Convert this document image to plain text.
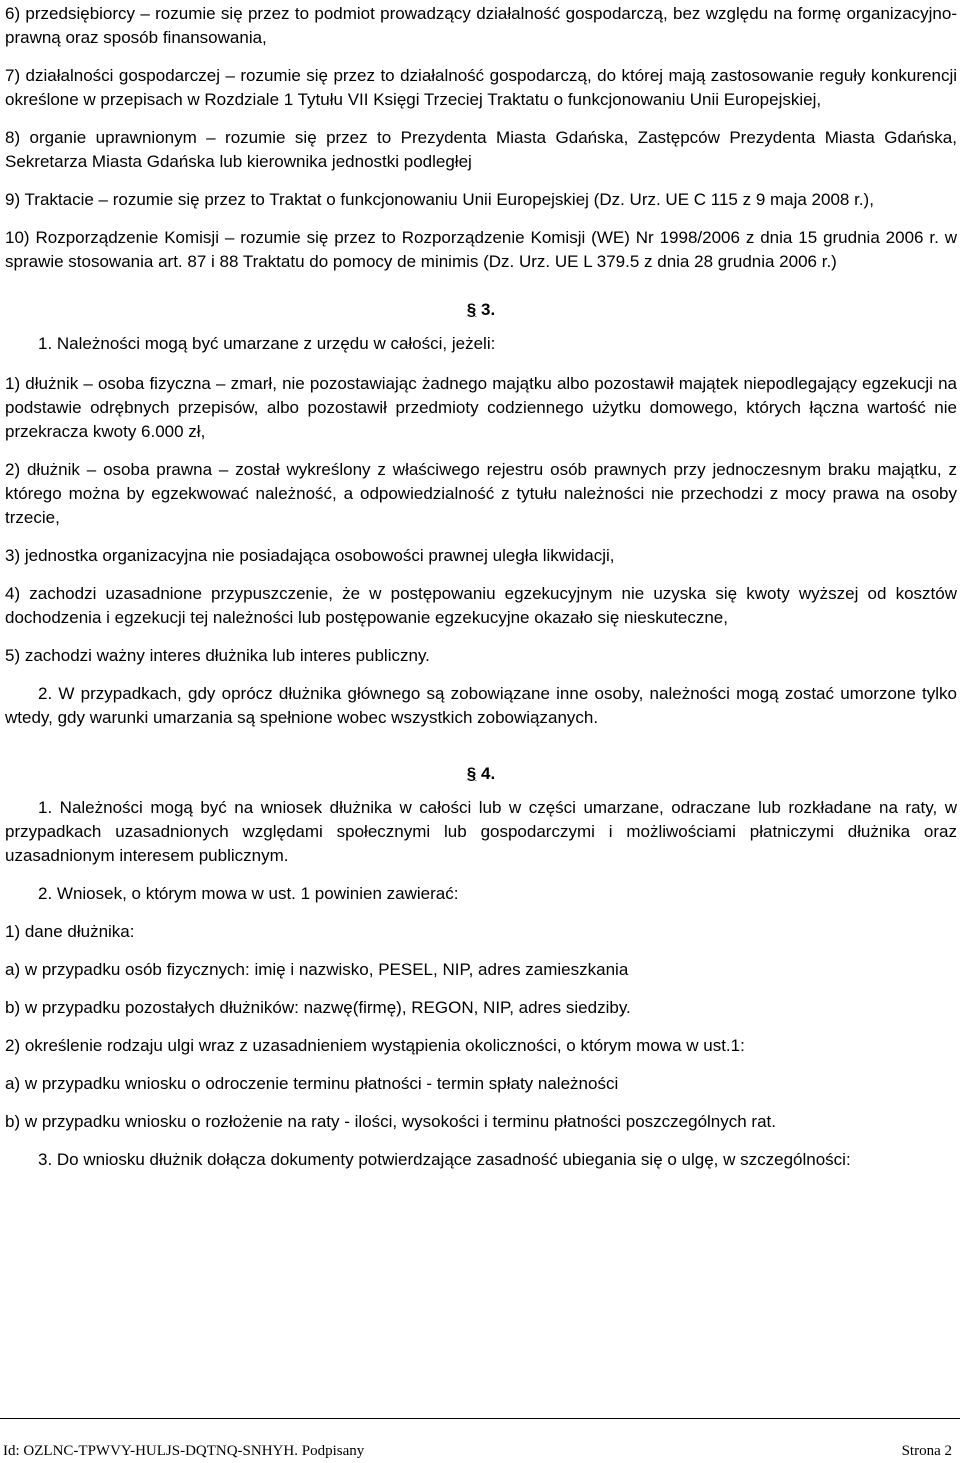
6) przedsiębiorcy – rozumie się przez to podmiot prowadzący działalność gospodarczą, bez względu na formę organizacyjno-prawną oraz sposób finansowania,

7) działalności gospodarczej – rozumie się przez to działalność gospodarczą, do której mają zastosowanie reguły konkurencji określone w przepisach w Rozdziale 1 Tytułu VII Księgi Trzeciej Traktatu o funkcjonowaniu Unii Europejskiej,

8) organie uprawnionym – rozumie się przez to Prezydenta Miasta Gdańska, Zastępców Prezydenta Miasta Gdańska, Sekretarza Miasta Gdańska lub kierownika jednostki podległej

9) Traktacie – rozumie się przez to Traktat o funkcjonowaniu Unii Europejskiej (Dz. Urz. UE C 115 z 9 maja 2008 r.),

10) Rozporządzenie Komisji – rozumie się przez to Rozporządzenie Komisji (WE) Nr 1998/2006 z dnia 15 grudnia 2006 r. w sprawie stosowania art. 87 i 88 Traktatu do pomocy de minimis (Dz. Urz. UE L 379.5 z dnia 28 grudnia 2006 r.)

§ 3.

1. Należności mogą być umarzane z urzędu w całości, jeżeli:

1) dłużnik – osoba fizyczna – zmarł, nie pozostawiając żadnego majątku albo pozostawił majątek niepodlegający egzekucji na podstawie odrębnych przepisów, albo pozostawił przedmioty codziennego użytku domowego, których łączna wartość nie przekracza kwoty 6.000 zł,

2) dłużnik – osoba prawna – został wykreślony z właściwego rejestru osób prawnych przy jednoczesnym braku majątku, z którego można by egzekwować należność, a odpowiedzialność z tytułu należności nie przechodzi z mocy prawa na osoby trzecie,

3) jednostka organizacyjna nie posiadająca osobowości prawnej uległa likwidacji,

4) zachodzi uzasadnione przypuszczenie, że w postępowaniu egzekucyjnym nie uzyska się kwoty wyższej od kosztów dochodzenia i egzekucji tej należności lub postępowanie egzekucyjne okazało się nieskuteczne,

5) zachodzi ważny interes dłużnika lub interes publiczny.

2. W przypadkach, gdy oprócz dłużnika głównego są zobowiązane inne osoby, należności mogą zostać umorzone tylko wtedy, gdy warunki umarzania są spełnione wobec wszystkich zobowiązanych.

§ 4.

1. Należności mogą być na wniosek dłużnika w całości lub w części umarzane, odraczane lub rozkładane na raty, w przypadkach uzasadnionych względami społecznymi lub gospodarczymi i możliwościami płatniczymi dłużnika oraz uzasadnionym interesem publicznym.

2. Wniosek, o którym mowa w ust. 1 powinien zawierać:

1) dane dłużnika:

a) w przypadku osób fizycznych: imię i nazwisko, PESEL, NIP, adres zamieszkania

b) w przypadku pozostałych dłużników: nazwę(firmę), REGON, NIP, adres siedziby.

2) określenie rodzaju ulgi wraz z uzasadnieniem wystąpienia okoliczności, o którym mowa w ust.1:

a) w przypadku wniosku o odroczenie terminu płatności - termin spłaty należności

b) w przypadku wniosku o rozłożenie na raty - ilości, wysokości i terminu płatności poszczególnych rat.

3. Do wniosku dłużnik dołącza dokumenty potwierdzające zasadność ubiegania się o ulgę, w szczególności:

Id: OZLNC-TPWVY-HULJS-DQTNQ-SNHYH. Podpisany	Strona 2
